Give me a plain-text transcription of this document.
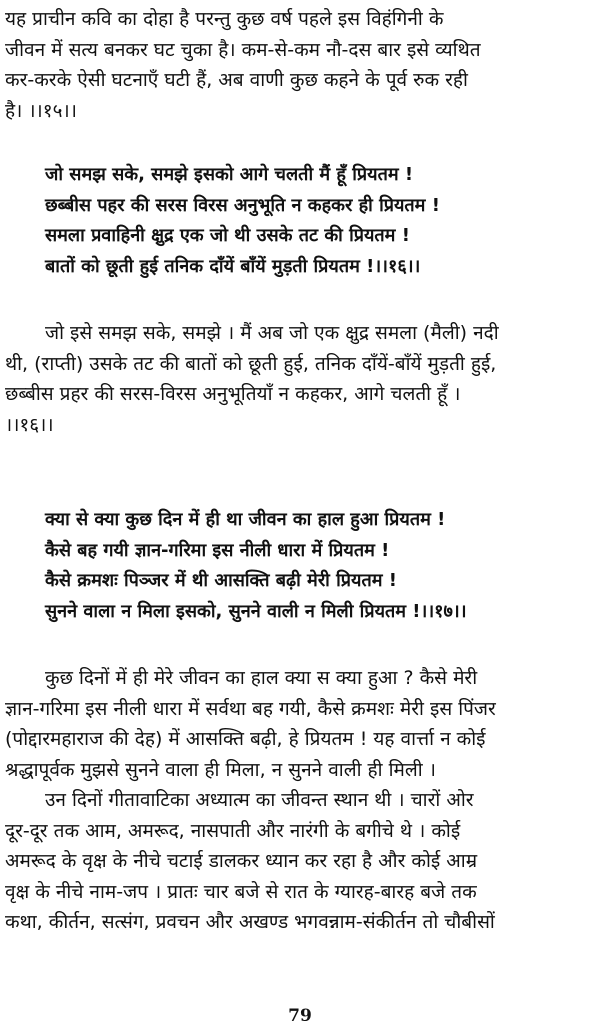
यह प्राचीन कवि का दोहा है परन्तु कुछ वर्ष पहले इस विहंगिनी के
जीवन में सत्य बनकर घट चुका है। कम-से-कम नौ-दस बार इसे व्यथित
कर-करके ऐसी घटनाएँ घटी हैं, अब वाणी कुछ कहने के पूर्व रुक रही
है। ।।१५।।
जो समझ सके, समझे इसको आगे चलती मैं हूँ प्रियतम !
छब्बीस पहर की सरस विरस अनुभूति न कहकर ही प्रियतम !
समला प्रवाहिनी क्षुद्र एक जो थी उसके तट की प्रियतम !
बातों को छूती हुई तनिक दाँयें बाँयें मुड़ती प्रियतम !।।१६।।
जो इसे समझ सके, समझे । मैं अब जो एक क्षुद्र समला (मैली) नदी
थी, (राप्ती) उसके तट की बातों को छूती हुई, तनिक दाँयें-बाँयें मुड़ती हुई,
छब्बीस प्रहर की सरस-विरस अनुभूतियाँ न कहकर, आगे चलती हूँ ।
।।१६।।
क्या से क्या कुछ दिन में ही था जीवन का हाल हुआ प्रियतम !
कैसे बह गयी ज्ञान-गरिमा इस नीली धारा में प्रियतम !
कैसे क्रमशः पिञ्जर में थी आसक्ति बढ़ी मेरी प्रियतम !
सुनने वाला न मिला इसको, सुनने वाली न मिली प्रियतम !।।१७।।
कुछ दिनों में ही मेरे जीवन का हाल क्या स क्या हुआ ? कैसे मेरी
ज्ञान-गरिमा इस नीली धारा में सर्वथा बह गयी, कैसे क्रमशः मेरी इस पिंजर
(पोद्दारमहाराज की देह) में आसक्ति बढ़ी, हे प्रियतम ! यह वार्त्ता न कोई
श्रद्धापूर्वक मुझसे सुनने वाला ही मिला, न सुनने वाली ही मिली ।
उन दिनों गीतावाटिका अध्यात्म का जीवन्त स्थान थी । चारों ओर
दूर-दूर तक आम, अमरूद, नासपाती और नारंगी के बगीचे थे । कोई
अमरूद के वृक्ष के नीचे चटाई डालकर ध्यान कर रहा है और कोई आम्र
वृक्ष के नीचे नाम-जप । प्रातः चार बजे से रात के ग्यारह-बारह बजे तक
कथा, कीर्तन, सत्संग, प्रवचन और अखण्ड भगवन्नाम-संकीर्तन तो चौबीसों
79
